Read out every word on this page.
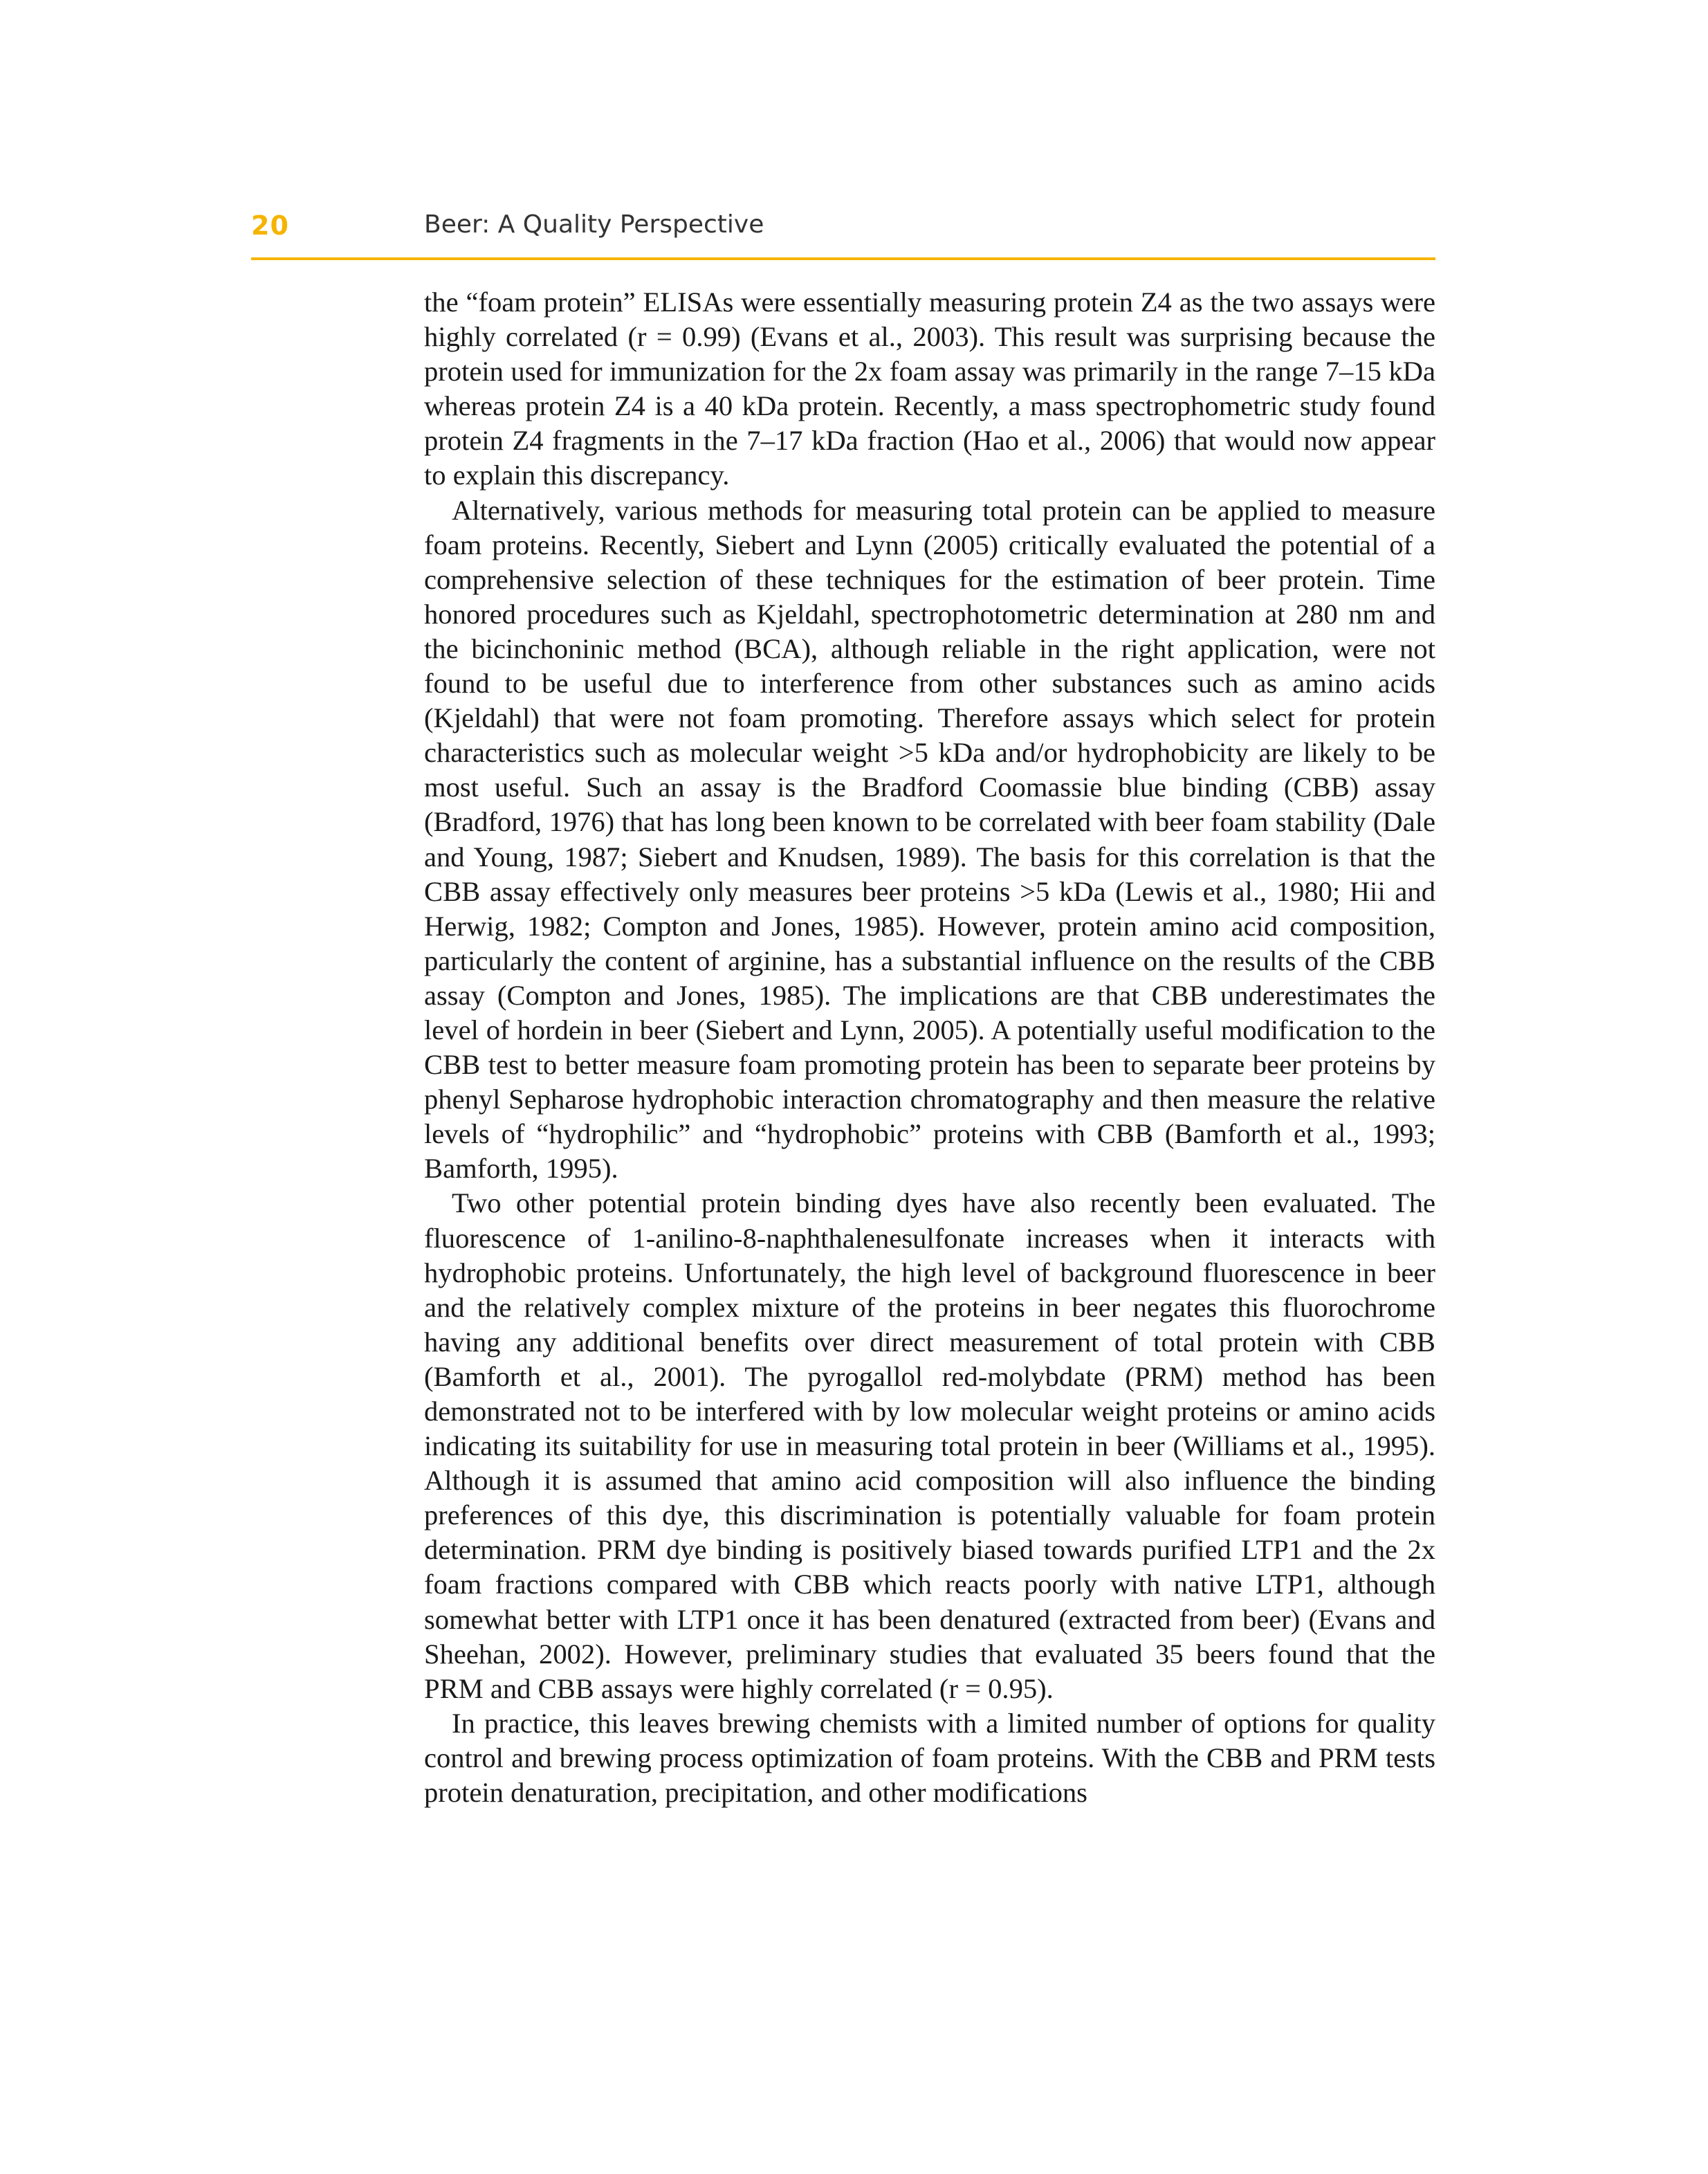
20	Beer: A Quality Perspective

the “foam protein” ELISAs were essentially measuring protein Z4 as the two assays were highly correlated (r = 0.99) (Evans et al., 2003). This result was surprising because the protein used for immunization for the 2x foam assay was primarily in the range 7–15 kDa whereas protein Z4 is a 40 kDa protein. Recently, a mass spectrophometric study found protein Z4 fragments in the 7–17 kDa fraction (Hao et al., 2006) that would now appear to explain this discrepancy.

Alternatively, various methods for measuring total protein can be applied to measure foam proteins. Recently, Siebert and Lynn (2005) critically evaluated the potential of a comprehensive selection of these techniques for the estimation of beer protein. Time honored procedures such as Kjeldahl, spectrophotometric determination at 280 nm and the bicinchoninic method (BCA), although reliable in the right application, were not found to be useful due to interference from other substances such as amino acids (Kjeldahl) that were not foam promoting. Therefore assays which select for protein characteristics such as molecular weight >5 kDa and/or hydrophobicity are likely to be most useful. Such an assay is the Bradford Coomassie blue binding (CBB) assay (Bradford, 1976) that has long been known to be correlated with beer foam stability (Dale and Young, 1987; Siebert and Knudsen, 1989). The basis for this correlation is that the CBB assay effectively only measures beer proteins >5 kDa (Lewis et al., 1980; Hii and Herwig, 1982; Compton and Jones, 1985). However, protein amino acid composition, particularly the content of arginine, has a substantial influence on the results of the CBB assay (Compton and Jones, 1985). The implications are that CBB underestimates the level of hordein in beer (Siebert and Lynn, 2005). A potentially useful modification to the CBB test to better measure foam promoting protein has been to separate beer proteins by phenyl Sepharose hydrophobic interaction chromatography and then measure the relative levels of “hydrophilic” and “hydrophobic” proteins with CBB (Bamforth et al., 1993; Bamforth, 1995).

Two other potential protein binding dyes have also recently been evaluated. The fluorescence of 1-anilino-8-naphthalenesulfonate increases when it interacts with hydrophobic proteins. Unfortunately, the high level of background fluorescence in beer and the relatively complex mixture of the proteins in beer negates this fluorochrome having any additional benefits over direct measurement of total protein with CBB (Bamforth et al., 2001). The pyrogallol red-molybdate (PRM) method has been demonstrated not to be interfered with by low molecular weight proteins or amino acids indicating its suitability for use in measuring total protein in beer (Williams et al., 1995). Although it is assumed that amino acid composition will also influence the binding preferences of this dye, this discrimination is potentially valuable for foam protein determination. PRM dye binding is positively biased towards purified LTP1 and the 2x foam fractions compared with CBB which reacts poorly with native LTP1, although somewhat better with LTP1 once it has been denatured (extracted from beer) (Evans and Sheehan, 2002). However, preliminary studies that evaluated 35 beers found that the PRM and CBB assays were highly correlated (r = 0.95).

In practice, this leaves brewing chemists with a limited number of options for quality control and brewing process optimization of foam proteins. With the CBB and PRM tests protein denaturation, precipitation, and other modifications
